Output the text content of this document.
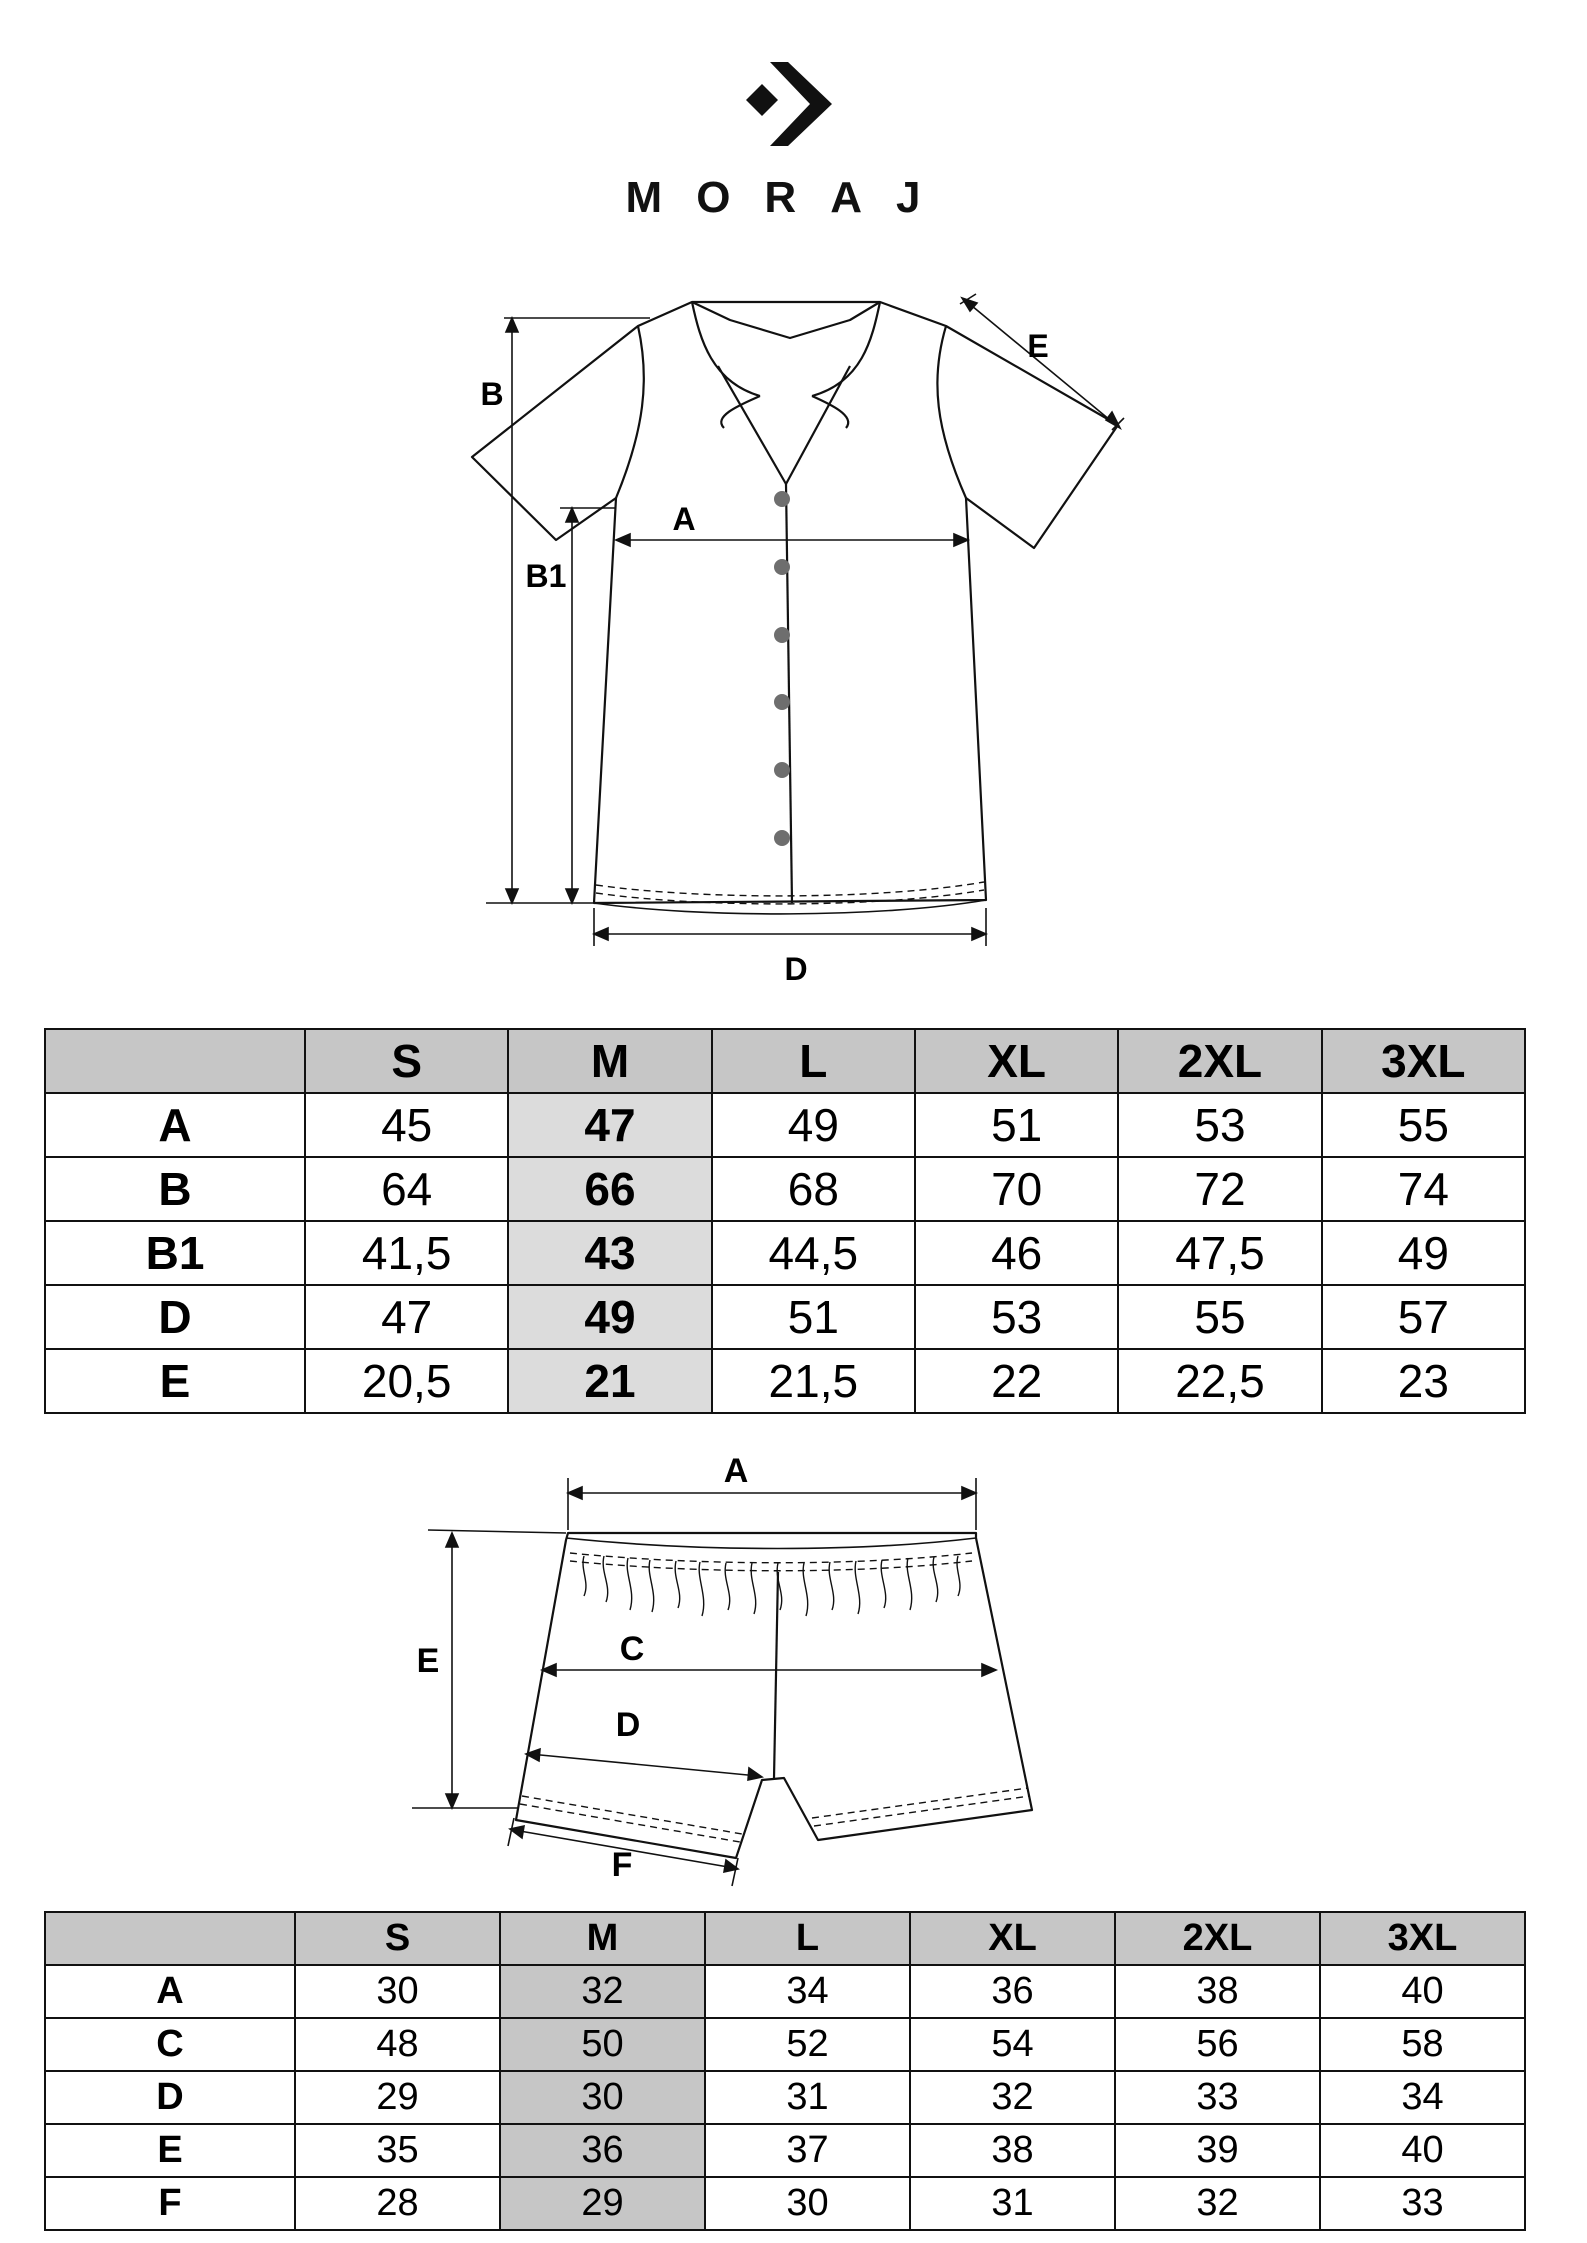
MORAJ
B
B1
A
D
E
	S	M	L	XL	2XL	3XL
A	45	47	49	51	53	55
B	64	66	68	70	72	74
B1	41,5	43	44,5	46	47,5	49
D	47	49	51	53	55	57
E	20,5	21	21,5	22	22,5	23
A
E	C
D
F
	S	M	L	XL	2XL	3XL
A	30	32	34	36	38	40
C	48	50	52	54	56	58
D	29	30	31	32	33	34
E	35	36	37	38	39	40
F	28	29	30	31	32	33
